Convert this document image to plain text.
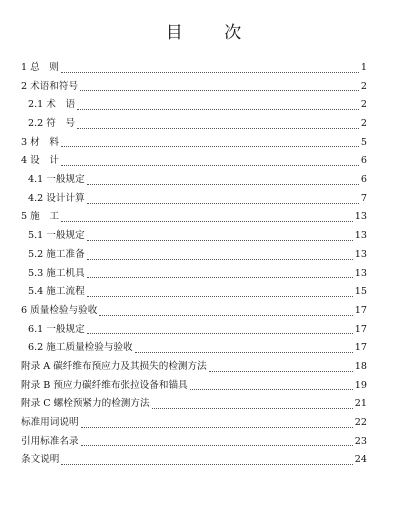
目 次
1 总　则	1
2 术语和符号	2
2.1 术　语	2
2.2 符　号	2
3 材　料	5
4 设　计	6
4.1 一般规定	6
4.2 设计计算	7
5 施　工	13
5.1 一般规定	13
5.2 施工准备	13
5.3 施工机具	13
5.4 施工流程	15
6 质量检验与验收	17
6.1 一般规定	17
6.2 施工质量检验与验收	17
附录 A 碳纤维布预应力及其损失的检测方法	18
附录 B 预应力碳纤维布张拉设备和锚具	19
附录 C 螺栓预紧力的检测方法	21
标准用词说明	22
引用标准名录	23
条文说明	24
